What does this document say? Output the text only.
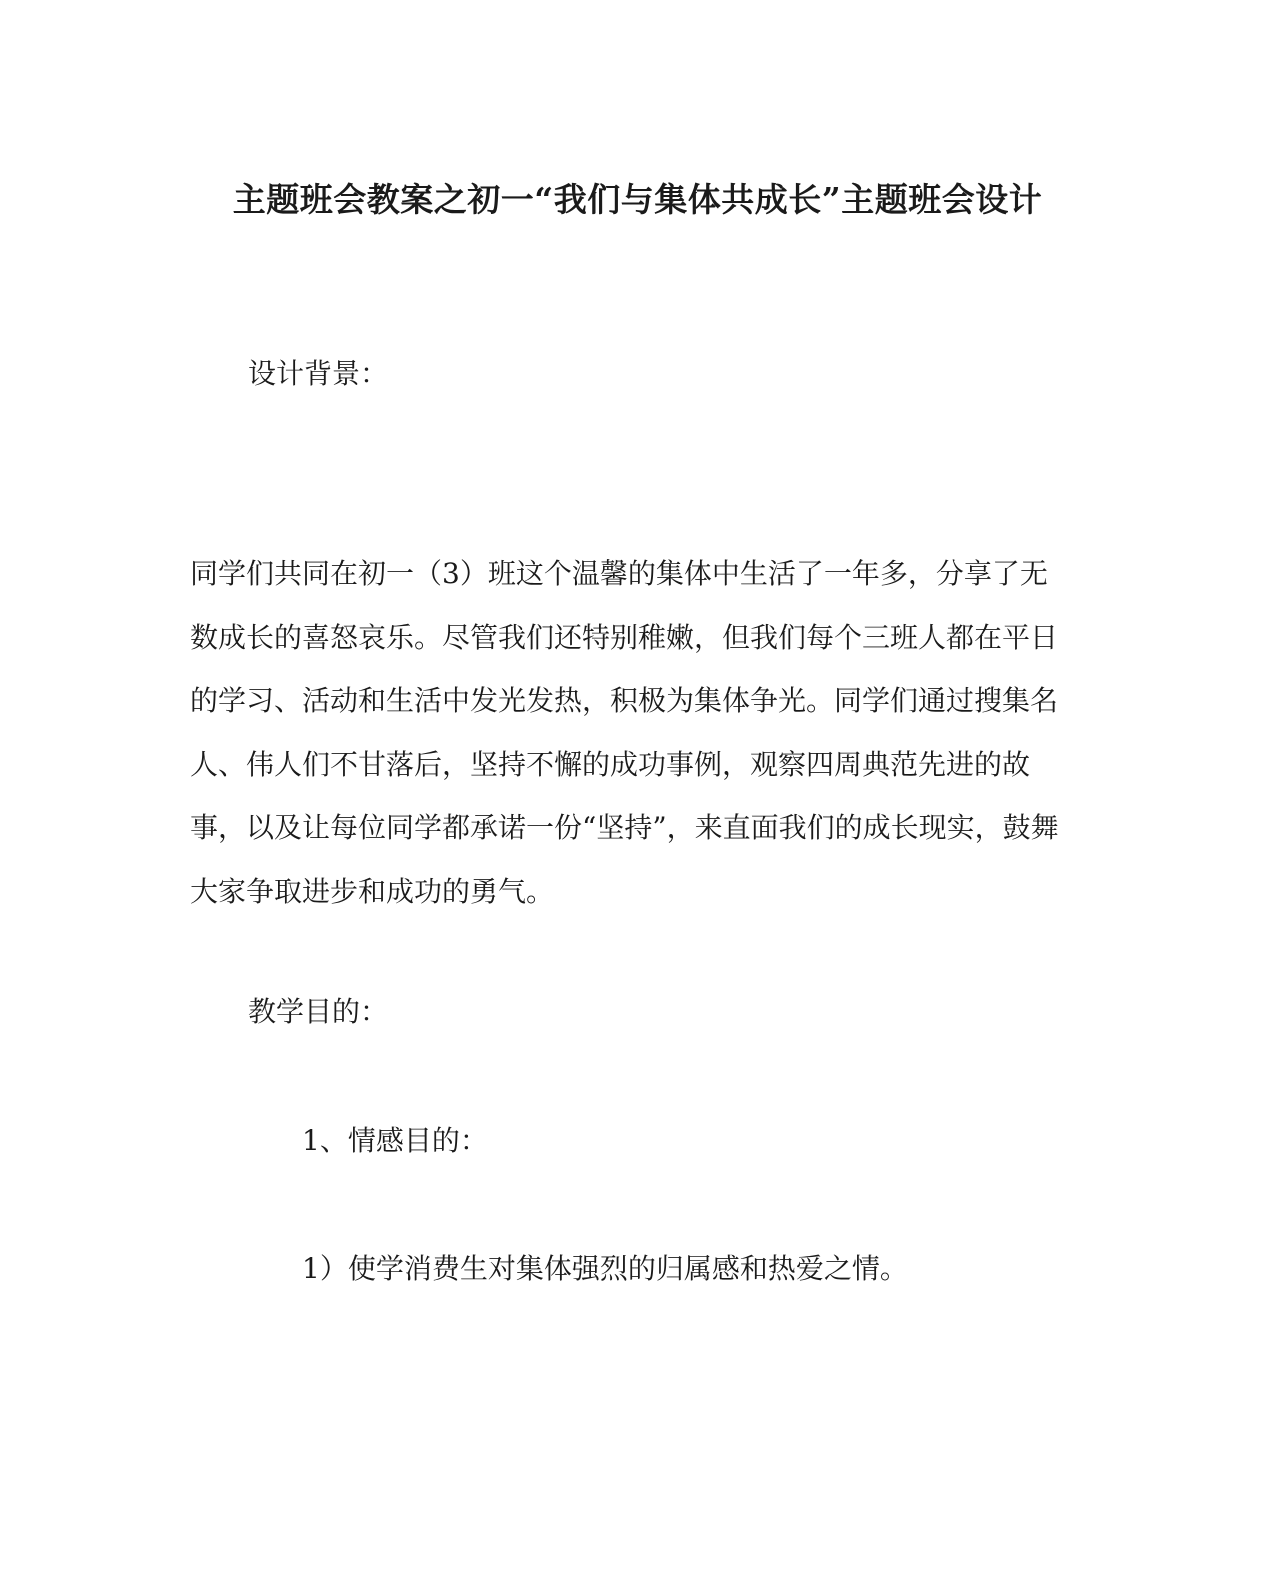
主题班会教案之初一“我们与集体共成长”主题班会设计

设计背景：

同学们共同在初一（3）班这个温馨的集体中生活了一年多，分享了无数成长的喜怒哀乐。尽管我们还特别稚嫩，但我们每个三班人都在平日的学习、活动和生活中发光发热，积极为集体争光。同学们通过搜集名人、伟人们不甘落后，坚持不懈的成功事例，观察四周典范先进的故事，以及让每位同学都承诺一份“坚持”，来直面我们的成长现实，鼓舞大家争取进步和成功的勇气。

教学目的：

1、情感目的：

1）使学消费生对集体强烈的归属感和热爱之情。
